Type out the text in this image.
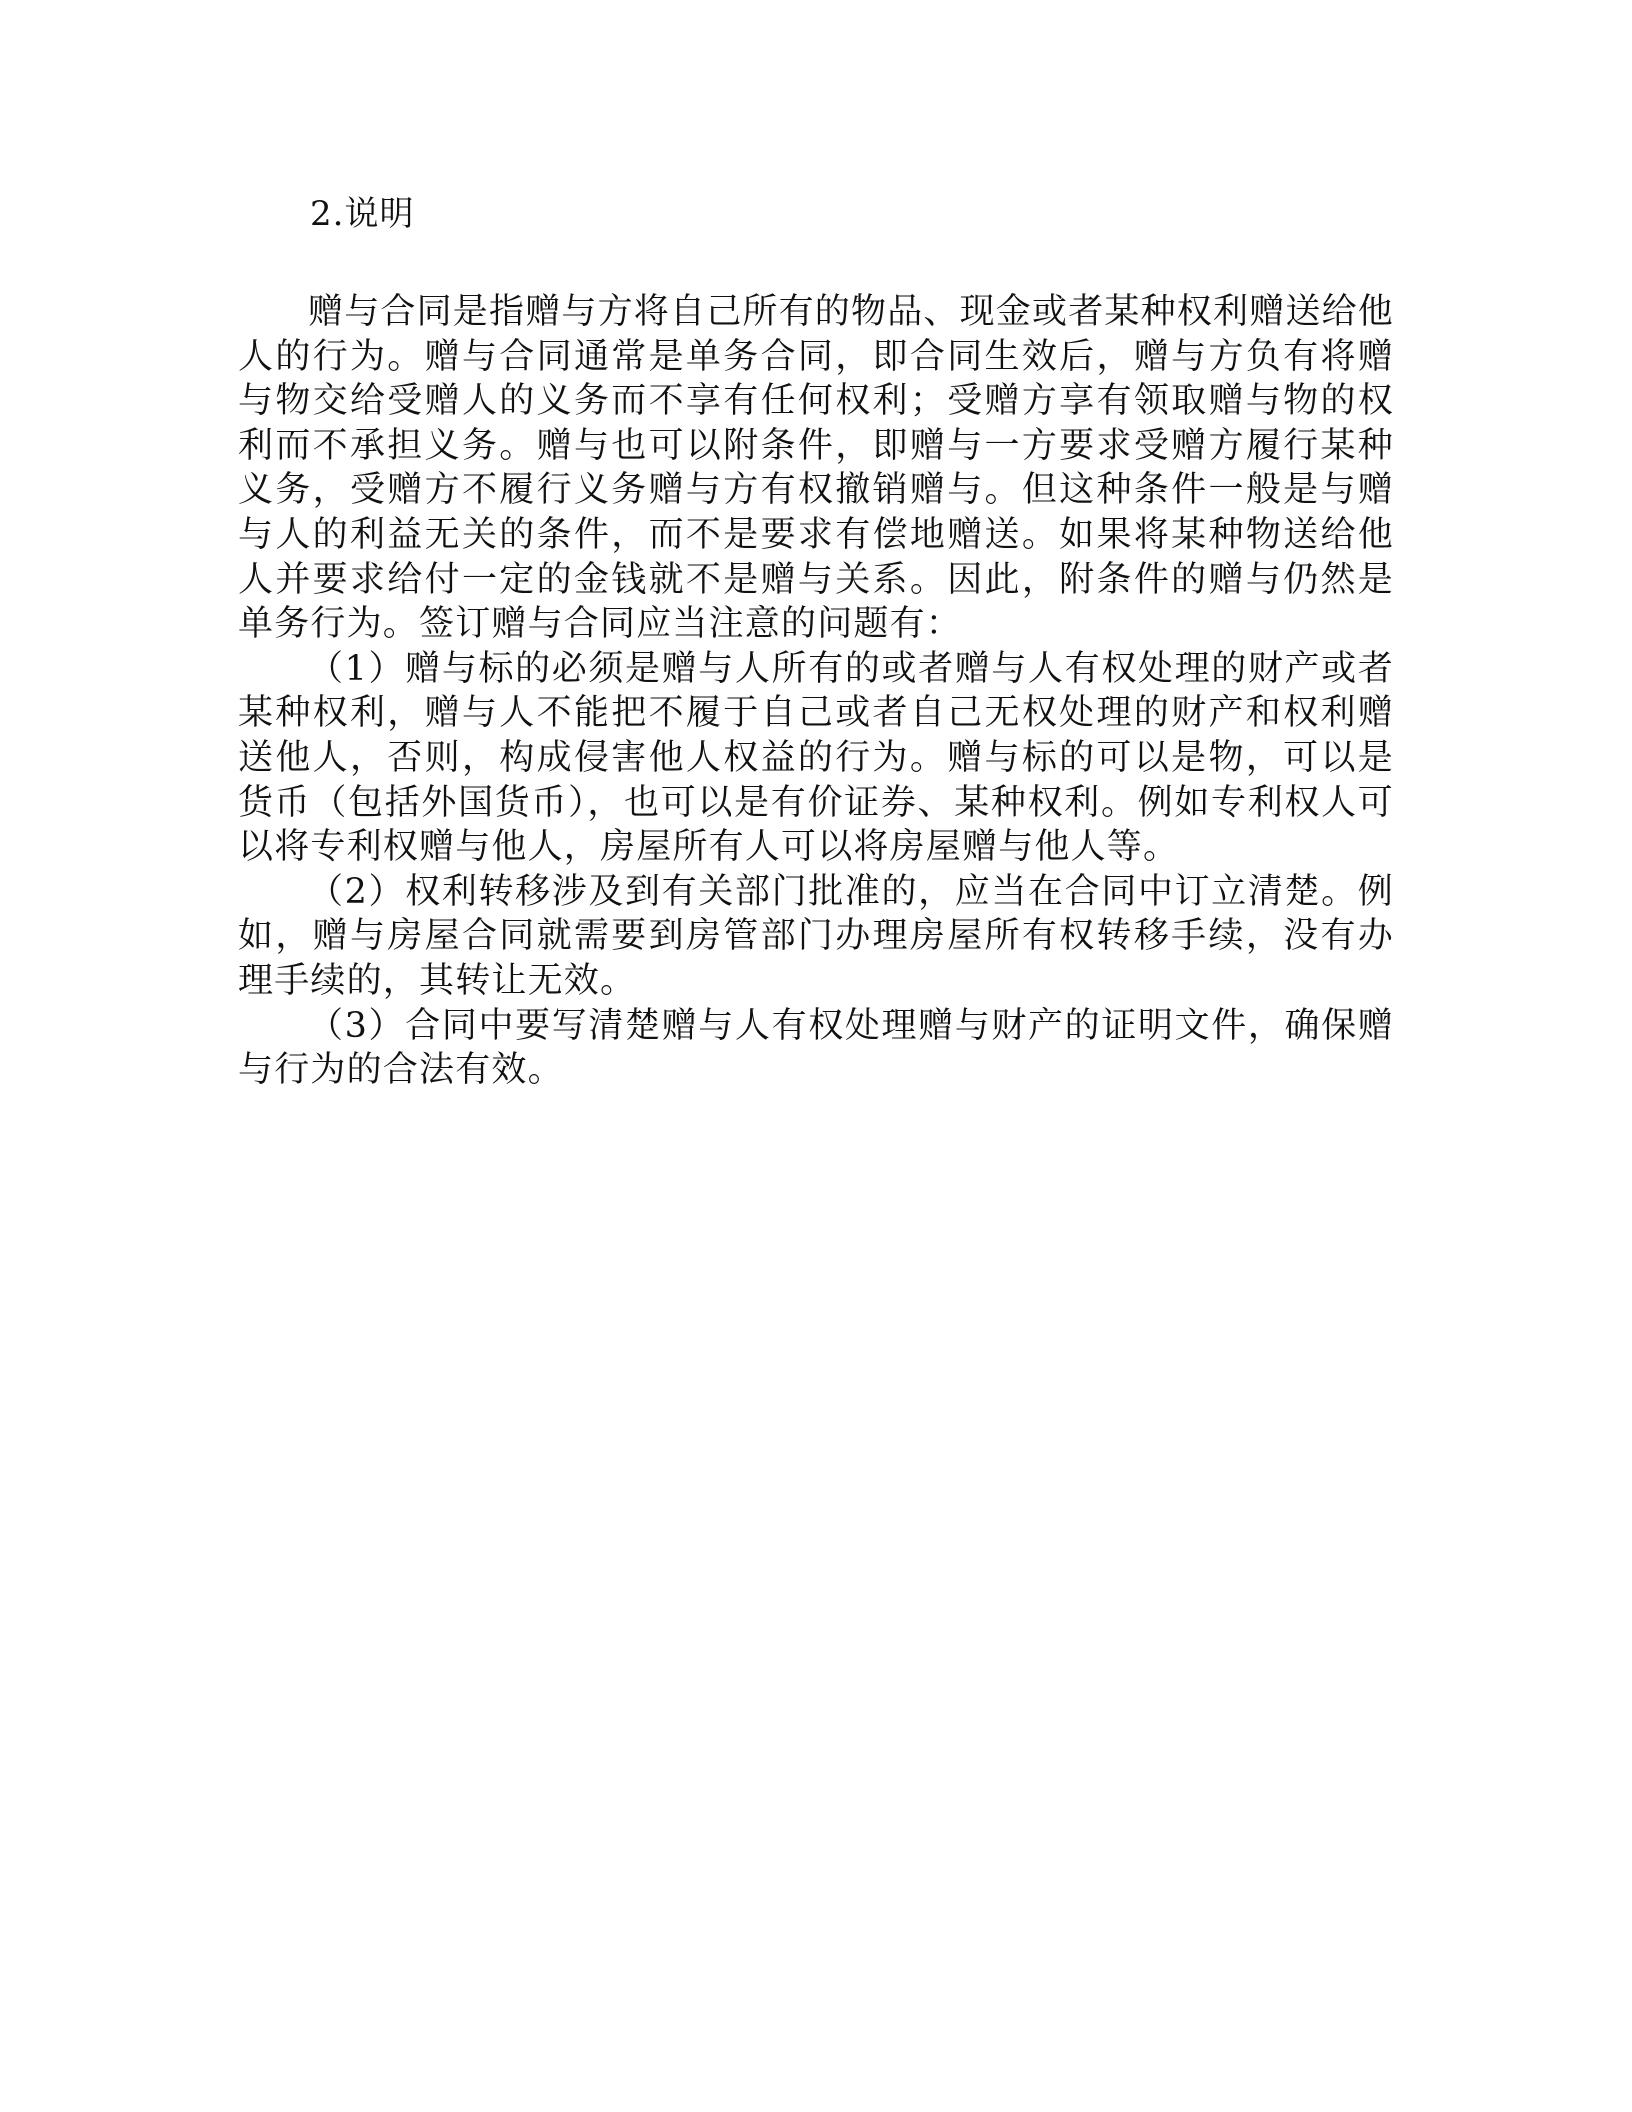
2.说明

赠与合同是指赠与方将自己所有的物品、现金或者某种权利赠送给他人的行为。赠与合同通常是单务合同，即合同生效后，赠与方负有将赠与物交给受赠人的义务而不享有任何权利；受赠方享有领取赠与物的权利而不承担义务。赠与也可以附条件，即赠与一方要求受赠方履行某种义务，受赠方不履行义务赠与方有权撤销赠与。但这种条件一般是与赠与人的利益无关的条件，而不是要求有偿地赠送。如果将某种物送给他人并要求给付一定的金钱就不是赠与关系。因此，附条件的赠与仍然是单务行为。签订赠与合同应当注意的问题有：

（1）赠与标的必须是赠与人所有的或者赠与人有权处理的财产或者某种权利，赠与人不能把不履于自己或者自己无权处理的财产和权利赠送他人，否则，构成侵害他人权益的行为。赠与标的可以是物，可以是货币（包括外国货币），也可以是有价证券、某种权利。例如专利权人可以将专利权赠与他人，房屋所有人可以将房屋赠与他人等。

（2）权利转移涉及到有关部门批准的，应当在合同中订立清楚。例如，赠与房屋合同就需要到房管部门办理房屋所有权转移手续，没有办理手续的，其转让无效。

（3）合同中要写清楚赠与人有权处理赠与财产的证明文件，确保赠与行为的合法有效。
